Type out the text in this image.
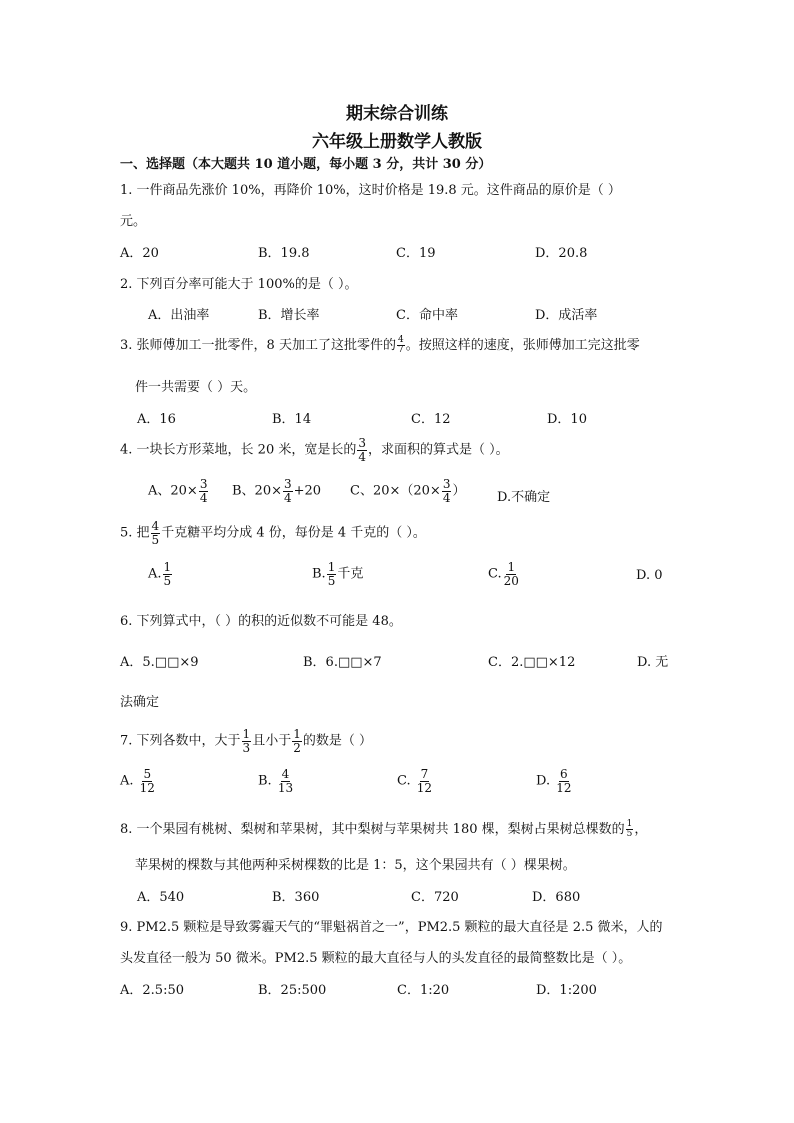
期末综合训练
六年级上册数学人教版
一、选择题（本大题共 10 道小题，每小题 3 分，共计 30 分）
1. 一件商品先涨价 10%，再降价 10%，这时价格是 19.8 元。这件商品的原价是（ ）
元。
A．20	B．19.8	C．19	D．20.8
2. 下列百分率可能大于 100%的是（ ）。
A．出油率	B．增长率	C．命中率	D．成活率
3. 张师傅加工一批零件，8 天加工了这批零件的 $\frac{4}{7}$ 。按照这样的速度，张师傅加工完这批零
件一共需要（ ）天。
A．16	B．14	C．12	D．10
4. 一块长方形菜地，长 20 米，宽是长的 $\frac{3}{4}$ ，求面积的算式是（ ）。
A、$20\times \frac{3}{4}$ B、$20\times \frac{3}{4} +20$ C、$20\times(20\times \frac{3}{4}$ ） D.不确定
5. 把 $\frac{4}{5}$ 千克糖平均分成 4 份，每份是 4 千克的（ ）。
A. $\frac{1}{5}$	B. $\frac{1}{5}$ 千克	C. $\frac{1}{20}$	D. 0
6. 下列算式中，（ ）的积的近似数不可能是 48。
A．5.□□×9	B．6.□□×7	C．2.□□×12	D. 无
法确定
7. 下列各数中，大于 $\frac{1}{3}$ 且小于 $\frac{1}{2}$ 的数是（ ）
A. $\frac{5}{12}$	B. $\frac{4}{13}$	C. $\frac{7}{12}$	D. $\frac{6}{12}$
8. 一个果园有桃树、梨树和苹果树，其中梨树与苹果树共 180 棵，梨树占果树总棵数的 $\frac{1}{5}$ ，
苹果树的棵数与其他两种采树棵数的比是 1：5，这个果园共有（ ）棵果树。
A．540	B．360	C．720	D．680
9. PM2.5 颗粒是导致雾霾天气的“罪魁祸首之一”，PM2.5 颗粒的最大直径是 2.5 微米，人的
头发直径一般为 50 微米。PM2.5 颗粒的最大直径与人的头发直径的最简整数比是（ ）。
A．2.5:50	B．25:500	C．1:20	D．1:200
